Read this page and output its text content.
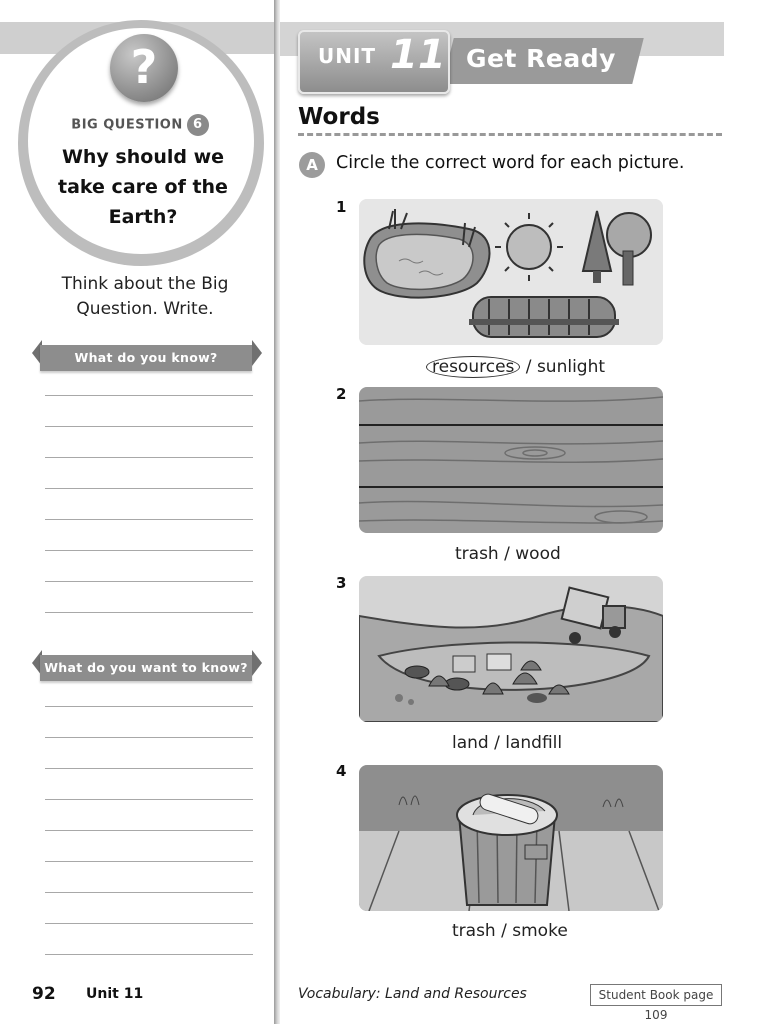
?
BIG QUESTION 6
Why should we take care of the Earth?
Think about the Big Question. Write.
What do you know?
What do you want to know?
Get Ready
UNIT 11
Words
A	Circle the correct word for each picture.
1
resources / sunlight
2
trash / wood
3
land / landfill
4
trash / smoke
92 Unit 11	Vocabulary: Land and Resources	Student Book page 109
